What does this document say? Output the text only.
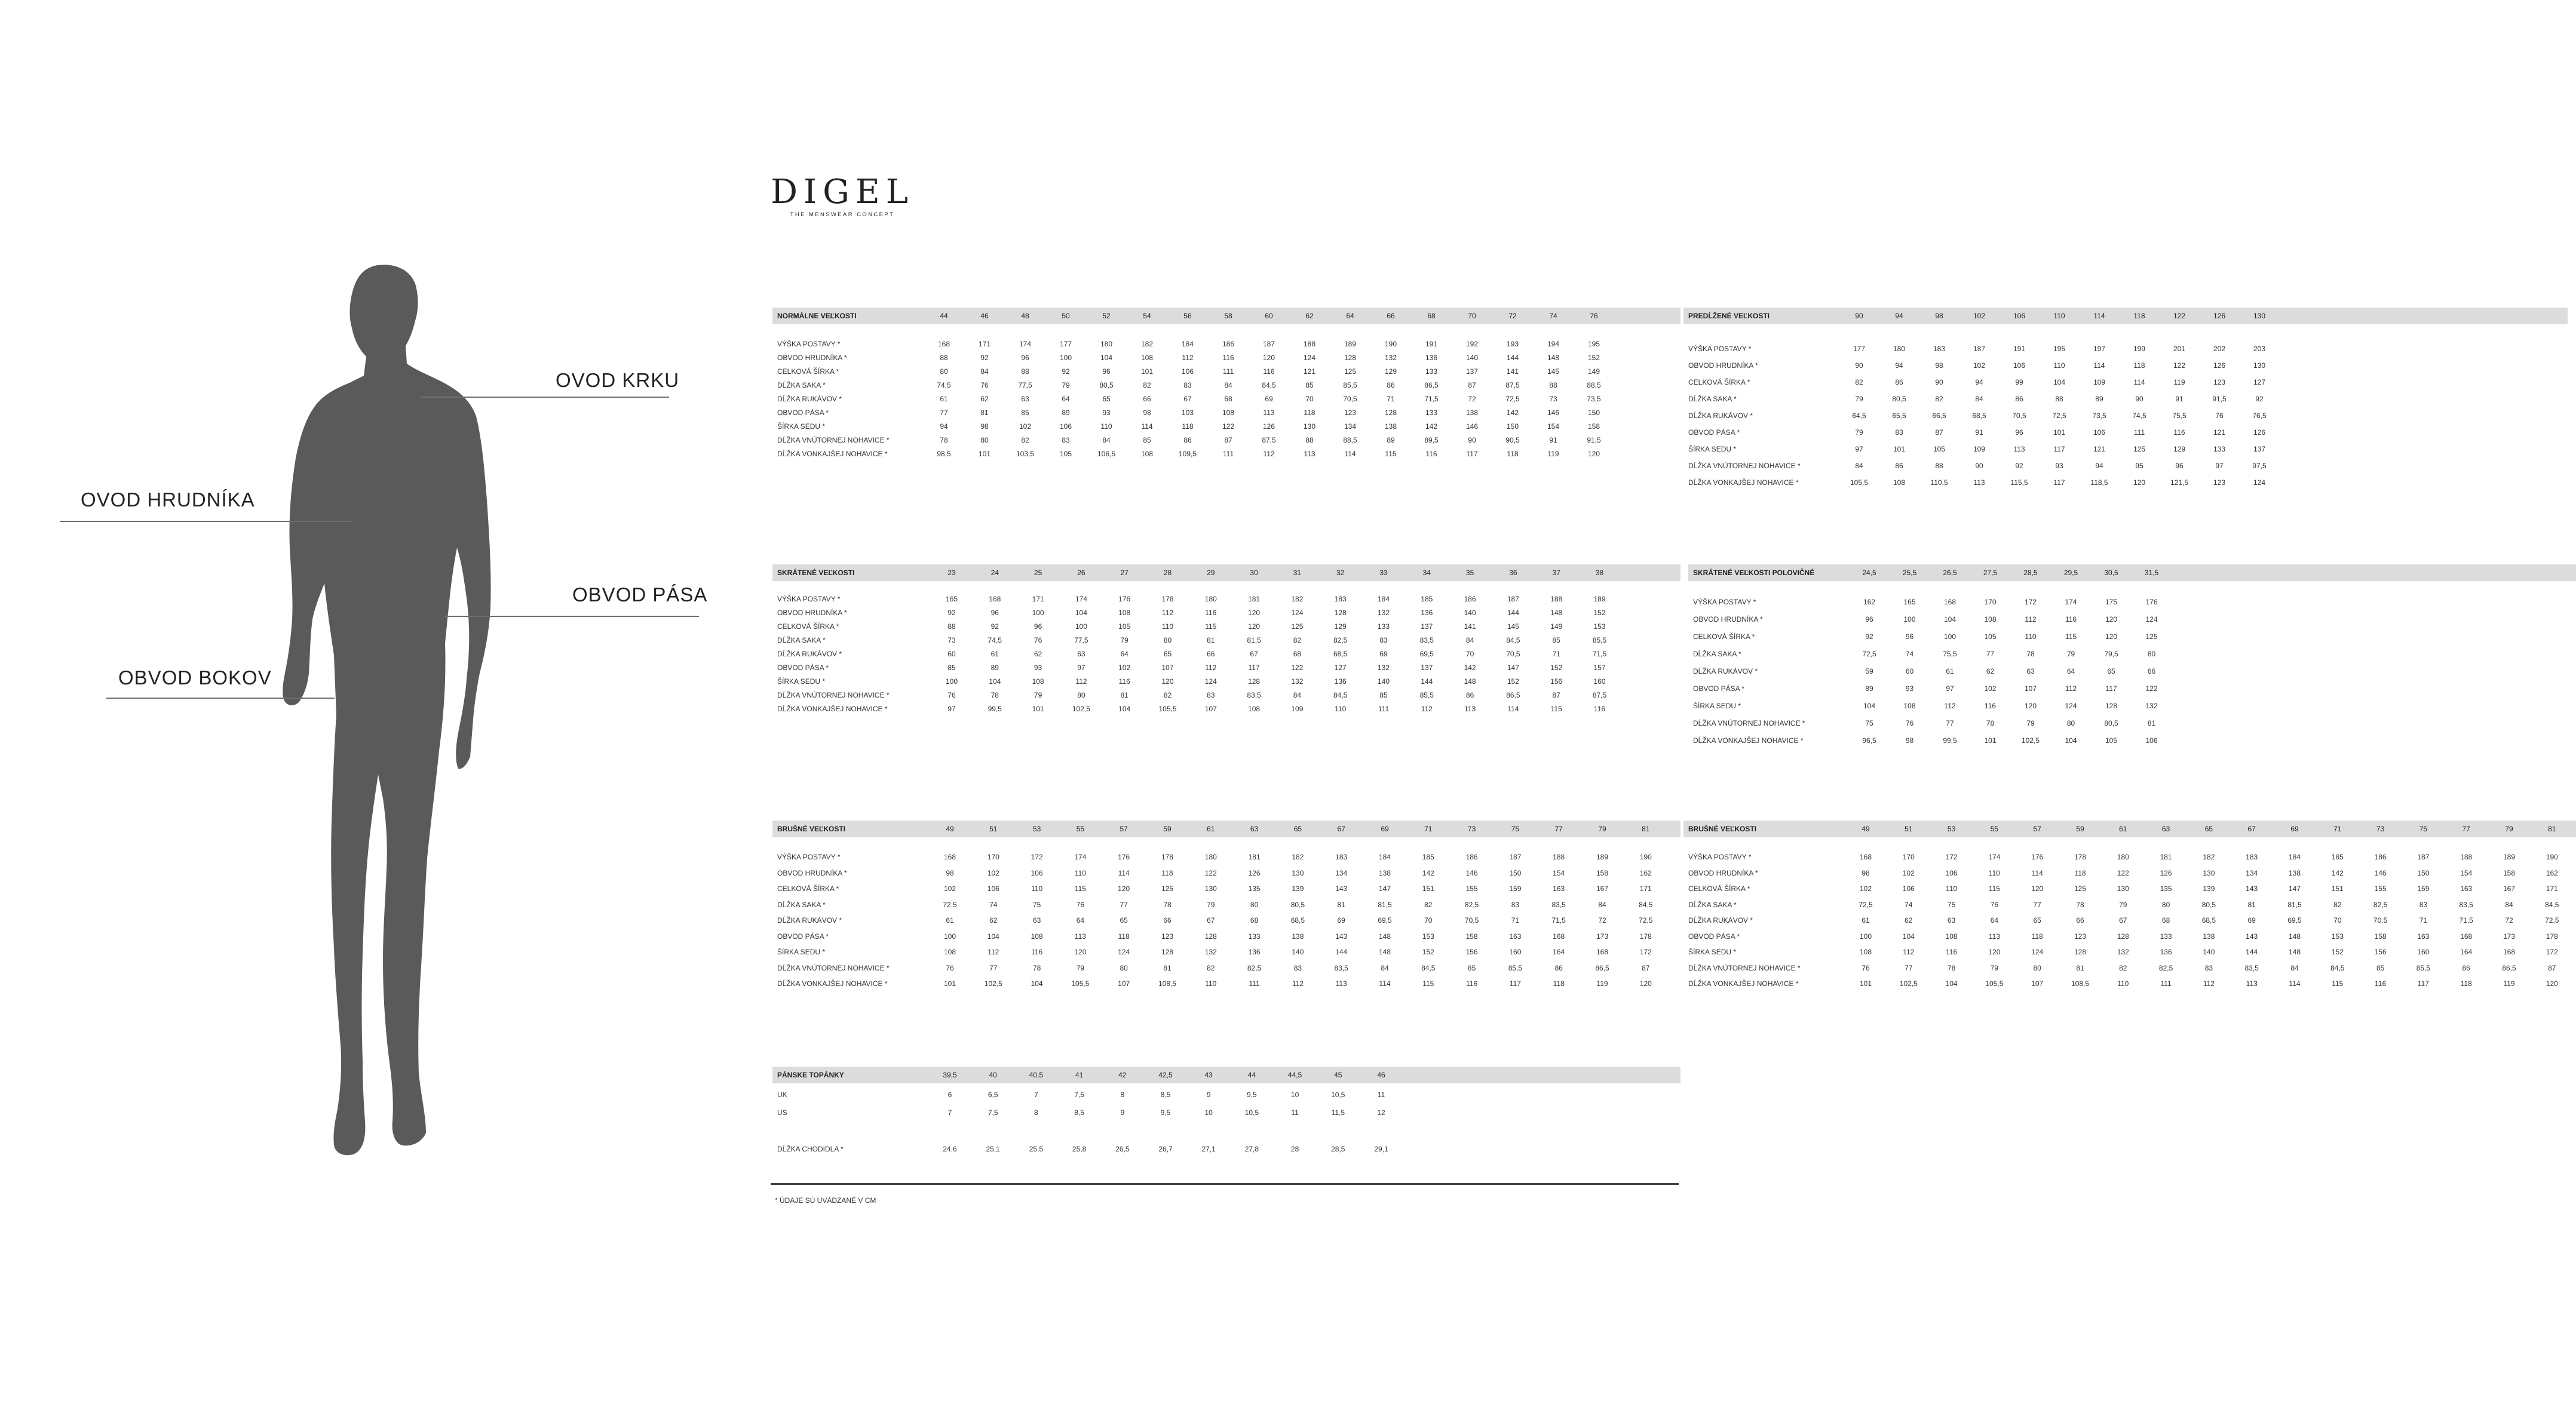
DIGEL
THE MENSWEAR CONCEPT
OVOD KRKU
OVOD HRUDNÍKA
OBVOD PÁSA
OBVOD BOKOV
NORMÁLNE VEĽKOSTI	44	46	48	50	52	54	56	58	60	62	64	66	68	70	72	74	76
VÝŠKA POSTAVY *	168	171	174	177	180	182	184	186	187	188	189	190	191	192	193	194	195
OBVOD HRUDNÍKA *	88	92	96	100	104	108	112	116	120	124	128	132	136	140	144	148	152
CELKOVÁ ŠÍRKA *	80	84	88	92	96	101	106	111	116	121	125	129	133	137	141	145	149
DĹŽKA SAKA *	74,5	76	77,5	79	80,5	82	83	84	84,5	85	85,5	86	86,5	87	87,5	88	88,5
DĹŽKA RUKÁVOV *	61	62	63	64	65	66	67	68	69	70	70,5	71	71,5	72	72,5	73	73,5
OBVOD PÁSA *	77	81	85	89	93	98	103	108	113	118	123	128	133	138	142	146	150
ŠÍRKA SEDU *	94	98	102	106	110	114	118	122	126	130	134	138	142	146	150	154	158
DĹŽKA VNÚTORNEJ NOHAVICE *	78	80	82	83	84	85	86	87	87,5	88	88,5	89	89,5	90	90,5	91	91,5
DĹŽKA VONKAJŠEJ NOHAVICE *	98,5	101	103,5	105	106,5	108	109,5	111	112	113	114	115	116	117	118	119	120
PREDĹŽENÉ VEĽKOSTI	90	94	98	102	106	110	114	118	122	126	130
VÝŠKA POSTAVY *	177	180	183	187	191	195	197	199	201	202	203
OBVOD HRUDNÍKA *	90	94	98	102	106	110	114	118	122	126	130
CELKOVÁ ŠÍRKA *	82	86	90	94	99	104	109	114	119	123	127
DĹŽKA SAKA *	79	80,5	82	84	86	88	89	90	91	91,5	92
DĹŽKA RUKÁVOV *	64,5	65,5	66,5	68,5	70,5	72,5	73,5	74,5	75,5	76	76,5
OBVOD PÁSA *	79	83	87	91	96	101	106	111	116	121	126
ŠÍRKA SEDU *	97	101	105	109	113	117	121	125	129	133	137
DĹŽKA VNÚTORNEJ NOHAVICE *	84	86	88	90	92	93	94	95	96	97	97,5
DĹŽKA VONKAJŠEJ NOHAVICE *	105,5	108	110,5	113	115,5	117	118,5	120	121,5	123	124
SKRÁTENÉ VEĽKOSTI	23	24	25	26	27	28	29	30	31	32	33	34	35	36	37	38
VÝŠKA POSTAVY *	165	168	171	174	176	178	180	181	182	183	184	185	186	187	188	189
OBVOD HRUDNÍKA *	92	96	100	104	108	112	116	120	124	128	132	136	140	144	148	152
CELKOVÁ ŠÍRKA *	88	92	96	100	105	110	115	120	125	129	133	137	141	145	149	153
DĹŽKA SAKA *	73	74,5	76	77,5	79	80	81	81,5	82	82,5	83	83,5	84	84,5	85	85,5
DĹŽKA RUKÁVOV *	60	61	62	63	64	65	66	67	68	68,5	69	69,5	70	70,5	71	71,5
OBVOD PÁSA *	85	89	93	97	102	107	112	117	122	127	132	137	142	147	152	157
ŠÍRKA SEDU *	100	104	108	112	116	120	124	128	132	136	140	144	148	152	156	160
DĹŽKA VNÚTORNEJ NOHAVICE *	76	78	79	80	81	82	83	83,5	84	84,5	85	85,5	86	86,5	87	87,5
DĹŽKA VONKAJŠEJ NOHAVICE *	97	99,5	101	102,5	104	105,5	107	108	109	110	111	112	113	114	115	116
SKRÁTENÉ VEĽKOSTI POLOVIČNÉ	24,5	25,5	26,5	27,5	28,5	29,5	30,5	31,5
VÝŠKA POSTAVY *	162	165	168	170	172	174	175	176
OBVOD HRUDNÍKA *	96	100	104	108	112	116	120	124
CELKOVÁ ŠÍRKA *	92	96	100	105	110	115	120	125
DĹŽKA SAKA *	72,5	74	75,5	77	78	79	79,5	80
DĹŽKA RUKÁVOV *	59	60	61	62	63	64	65	66
OBVOD PÁSA *	89	93	97	102	107	112	117	122
ŠÍRKA SEDU *	104	108	112	116	120	124	128	132
DĹŽKA VNÚTORNEJ NOHAVICE *	75	76	77	78	79	80	80,5	81
DĹŽKA VONKAJŠEJ NOHAVICE *	96,5	98	99,5	101	102,5	104	105	106
BRUŠNÉ VEĽKOSTI	49	51	53	55	57	59	61	63	65	67	69	71	73	75	77	79	81
VÝŠKA POSTAVY *	168	170	172	174	176	178	180	181	182	183	184	185	186	187	188	189	190
OBVOD HRUDNÍKA *	98	102	106	110	114	118	122	126	130	134	138	142	146	150	154	158	162
CELKOVÁ ŠÍRKA *	102	106	110	115	120	125	130	135	139	143	147	151	155	159	163	167	171
DĹŽKA SAKA *	72,5	74	75	76	77	78	79	80	80,5	81	81,5	82	82,5	83	83,5	84	84,5
DĹŽKA RUKÁVOV *	61	62	63	64	65	66	67	68	68,5	69	69,5	70	70,5	71	71,5	72	72,5
OBVOD PÁSA *	100	104	108	113	118	123	128	133	138	143	148	153	158	163	168	173	178
ŠÍRKA SEDU *	108	112	116	120	124	128	132	136	140	144	148	152	156	160	164	168	172
DĹŽKA VNÚTORNEJ NOHAVICE *	76	77	78	79	80	81	82	82,5	83	83,5	84	84,5	85	85,5	86	86,5	87
DĹŽKA VONKAJŠEJ NOHAVICE *	101	102,5	104	105,5	107	108,5	110	111	112	113	114	115	116	117	118	119	120
BRUŠNÉ VEĽKOSTI	49	51	53	55	57	59	61	63	65	67	69	71	73	75	77	79	81
VÝŠKA POSTAVY *	168	170	172	174	176	178	180	181	182	183	184	185	186	187	188	189	190
OBVOD HRUDNÍKA *	98	102	106	110	114	118	122	126	130	134	138	142	146	150	154	158	162
CELKOVÁ ŠÍRKA *	102	106	110	115	120	125	130	135	139	143	147	151	155	159	163	167	171
DĹŽKA SAKA *	72,5	74	75	76	77	78	79	80	80,5	81	81,5	82	82,5	83	83,5	84	84,5
DĹŽKA RUKÁVOV *	61	62	63	64	65	66	67	68	68,5	69	69,5	70	70,5	71	71,5	72	72,5
OBVOD PÁSA *	100	104	108	113	118	123	128	133	138	143	148	153	158	163	168	173	178
ŠÍRKA SEDU *	108	112	116	120	124	128	132	136	140	144	148	152	156	160	164	168	172
DĹŽKA VNÚTORNEJ NOHAVICE *	76	77	78	79	80	81	82	82,5	83	83,5	84	84,5	85	85,5	86	86,5	87
DĹŽKA VONKAJŠEJ NOHAVICE *	101	102,5	104	105,5	107	108,5	110	111	112	113	114	115	116	117	118	119	120
PÁNSKE TOPÁNKY	39,5	40	40,5	41	42	42,5	43	44	44,5	45	46
UK	6	6,5	7	7,5	8	8,5	9	9,5	10	10,5	11
US	7	7,5	8	8,5	9	9,5	10	10,5	11	11,5	12
DĹŽKA CHODIDLA *	24,6	25,1	25,5	25,8	26,5	26,7	27,1	27,8	28	28,5	29,1
* ÚDAJE SÚ UVÁDZANÉ V CM
